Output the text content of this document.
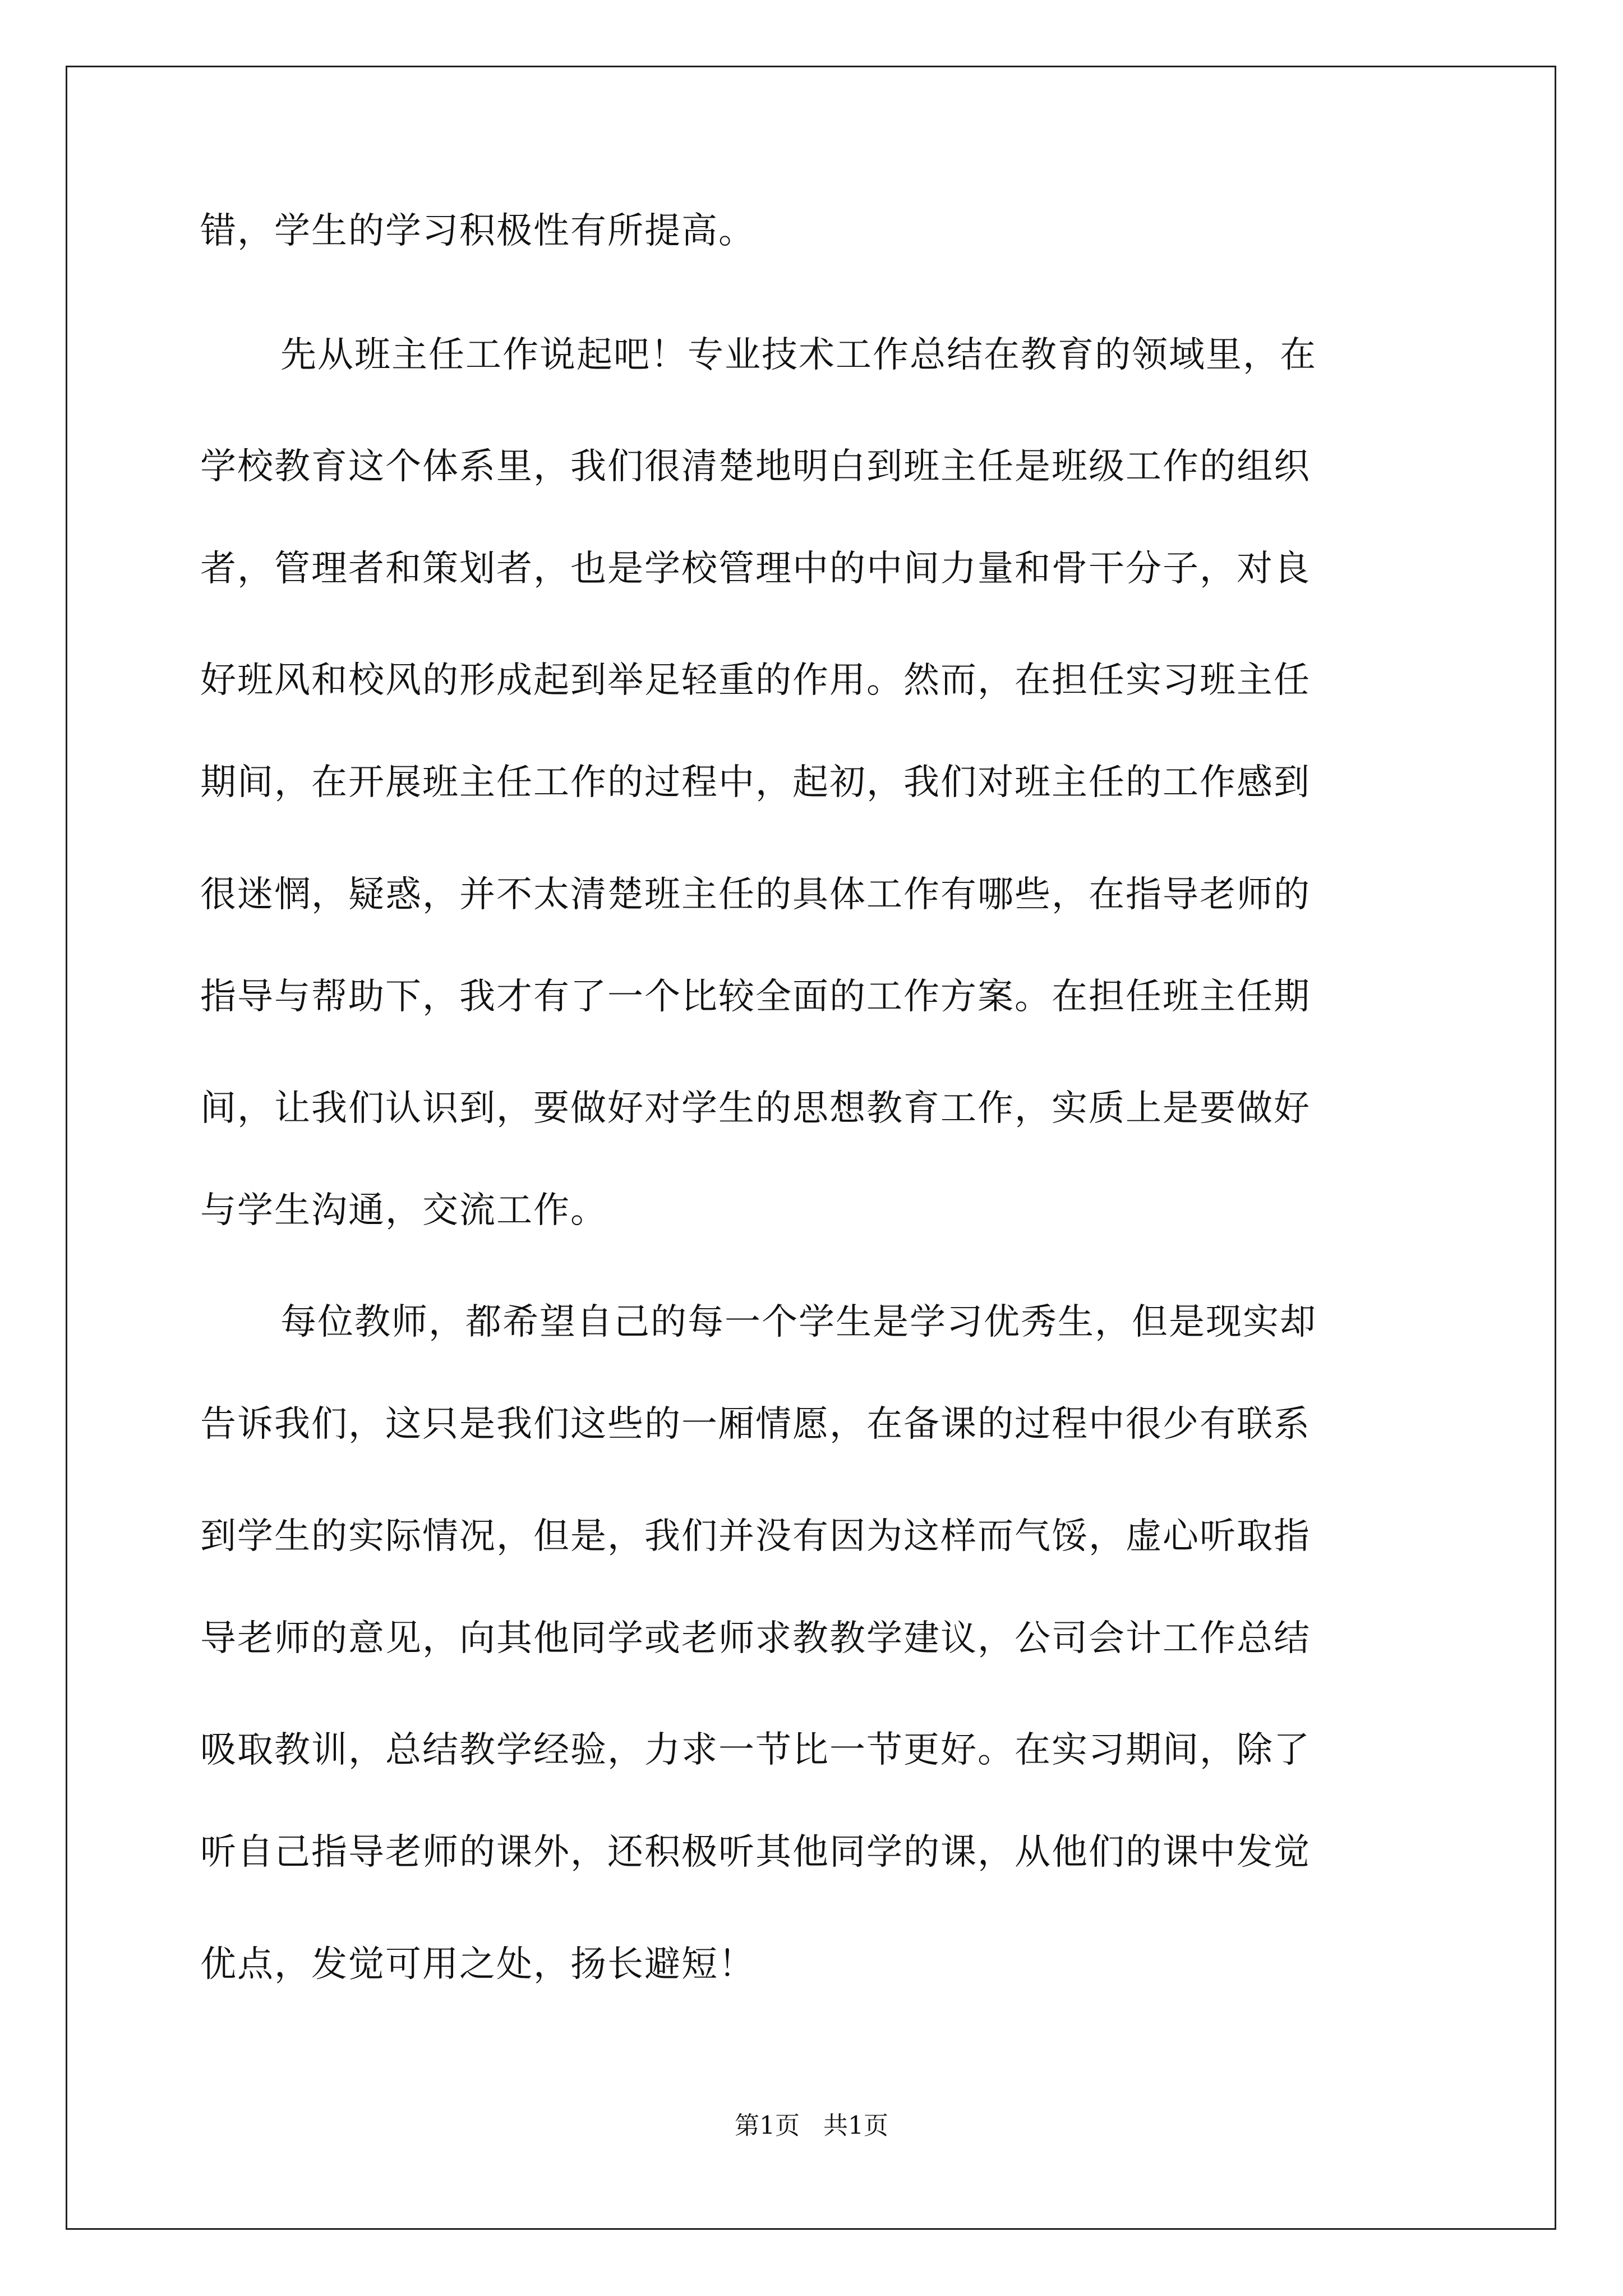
错，学生的学习积极性有所提高。
先从班主任工作说起吧！专业技术工作总结在教育的领域里，在
学校教育这个体系里，我们很清楚地明白到班主任是班级工作的组织
者，管理者和策划者，也是学校管理中的中间力量和骨干分子，对良
好班风和校风的形成起到举足轻重的作用。然而，在担任实习班主任
期间，在开展班主任工作的过程中，起初，我们对班主任的工作感到
很迷惘，疑惑，并不太清楚班主任的具体工作有哪些，在指导老师的
指导与帮助下，我才有了一个比较全面的工作方案。在担任班主任期
间，让我们认识到，要做好对学生的思想教育工作，实质上是要做好
与学生沟通，交流工作。
每位教师，都希望自己的每一个学生是学习优秀生，但是现实却
告诉我们，这只是我们这些的一厢情愿，在备课的过程中很少有联系
到学生的实际情况，但是，我们并没有因为这样而气馁，虚心听取指
导老师的意见，向其他同学或老师求教教学建议，公司会计工作总结
吸取教训，总结教学经验，力求一节比一节更好。在实习期间，除了
听自己指导老师的课外，还积极听其他同学的课，从他们的课中发觉
优点，发觉可用之处，扬长避短！
第1页   共1页
